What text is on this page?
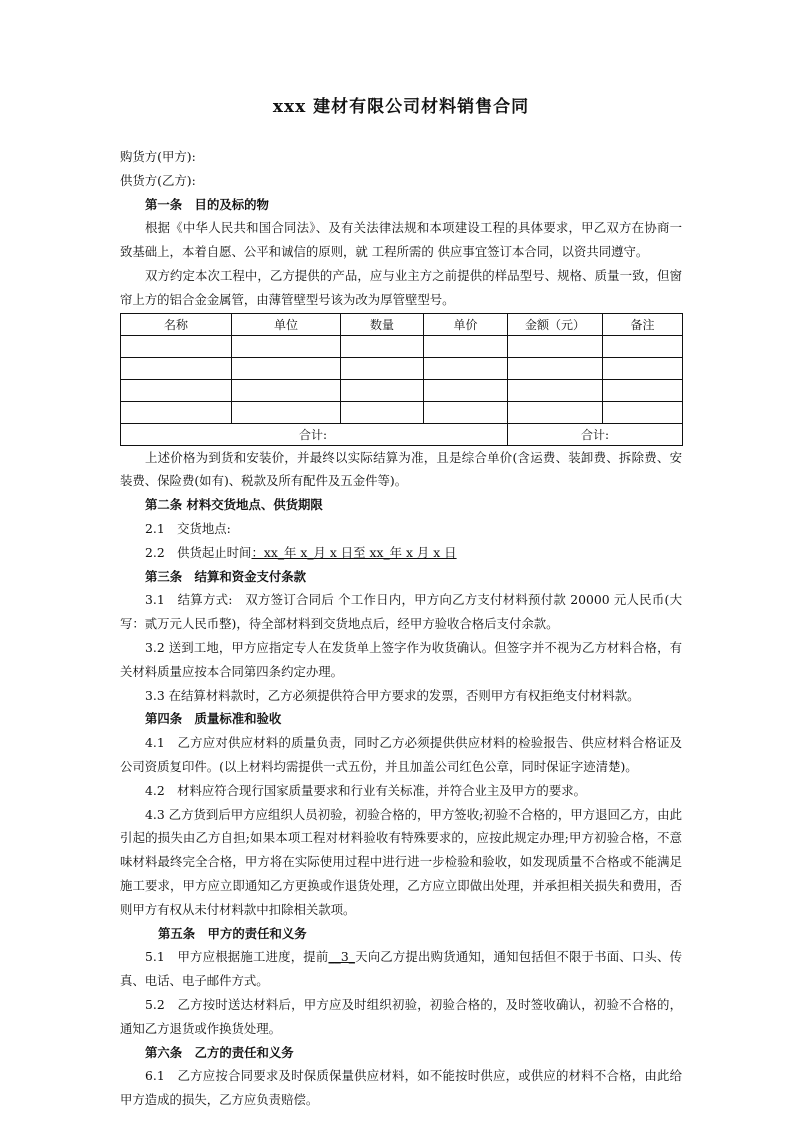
xxx 建材有限公司材料销售合同

购货方(甲方):

供货方(乙方):

第一条　目的及标的物

根据《中华人民共和国合同法》、及有关法律法规和本项建设工程的具体要求，甲乙双方在协商一致基础上，本着自愿、公平和诚信的原则，就 工程所需的 供应事宜签订本合同，以资共同遵守。

双方约定本次工程中，乙方提供的产品，应与业主方之前提供的样品型号、规格、质量一致，但窗帘上方的铝合金金属管，由薄管壁型号该为改为厚管壁型号。

名称	单位	数量	单价	金额（元）	备注

合计:				合计:	

上述价格为到货和安装价，并最终以实际结算为准，且是综合单价(含运费、装卸费、拆除费、安装费、保险费(如有)、税款及所有配件及五金件等)。

第二条 材料交货地点、供货期限

2.1　交货地点:

2.2　供货起止时间：xx_年 x_月 x 日至 xx_年 x 月 x 日

第三条　结算和资金支付条款

3.1　结算方式:　双方签订合同后 个工作日内，甲方向乙方支付材料预付款 20000 元人民币(大写：贰万元人民币整)，待全部材料到交货地点后，经甲方验收合格后支付余款。

3.2 送到工地，甲方应指定专人在发货单上签字作为收货确认。但签字并不视为乙方材料合格，有关材料质量应按本合同第四条约定办理。

3.3 在结算材料款时，乙方必须提供符合甲方要求的发票，否则甲方有权拒绝支付材料款。

第四条　质量标准和验收

4.1　乙方应对供应材料的质量负责，同时乙方必须提供供应材料的检验报告、供应材料合格证及公司资质复印件。(以上材料均需提供一式五份，并且加盖公司红色公章，同时保证字迹清楚)。

4.2　材料应符合现行国家质量要求和行业有关标准，并符合业主及甲方的要求。

4.3 乙方货到后甲方应组织人员初验，初验合格的，甲方签收;初验不合格的，甲方退回乙方，由此引起的损失由乙方自担;如果本项工程对材料验收有特殊要求的，应按此规定办理;甲方初验合格，不意味材料最终完全合格，甲方将在实际使用过程中进行进一步检验和验收，如发现质量不合格或不能满足施工要求，甲方应立即通知乙方更换或作退货处理，乙方应立即做出处理，并承担相关损失和费用，否则甲方有权从未付材料款中扣除相关款项。

第五条　甲方的责任和义务

5.1　甲方应根据施工进度，提前__3_天向乙方提出购货通知，通知包括但不限于书面、口头、传真、电话、电子邮件方式。

5.2　乙方按时送达材料后，甲方应及时组织初验，初验合格的，及时签收确认，初验不合格的，通知乙方退货或作换货处理。

第六条　乙方的责任和义务

6.1　乙方应按合同要求及时保质保量供应材料，如不能按时供应，或供应的材料不合格，由此给甲方造成的损失，乙方应负责赔偿。
